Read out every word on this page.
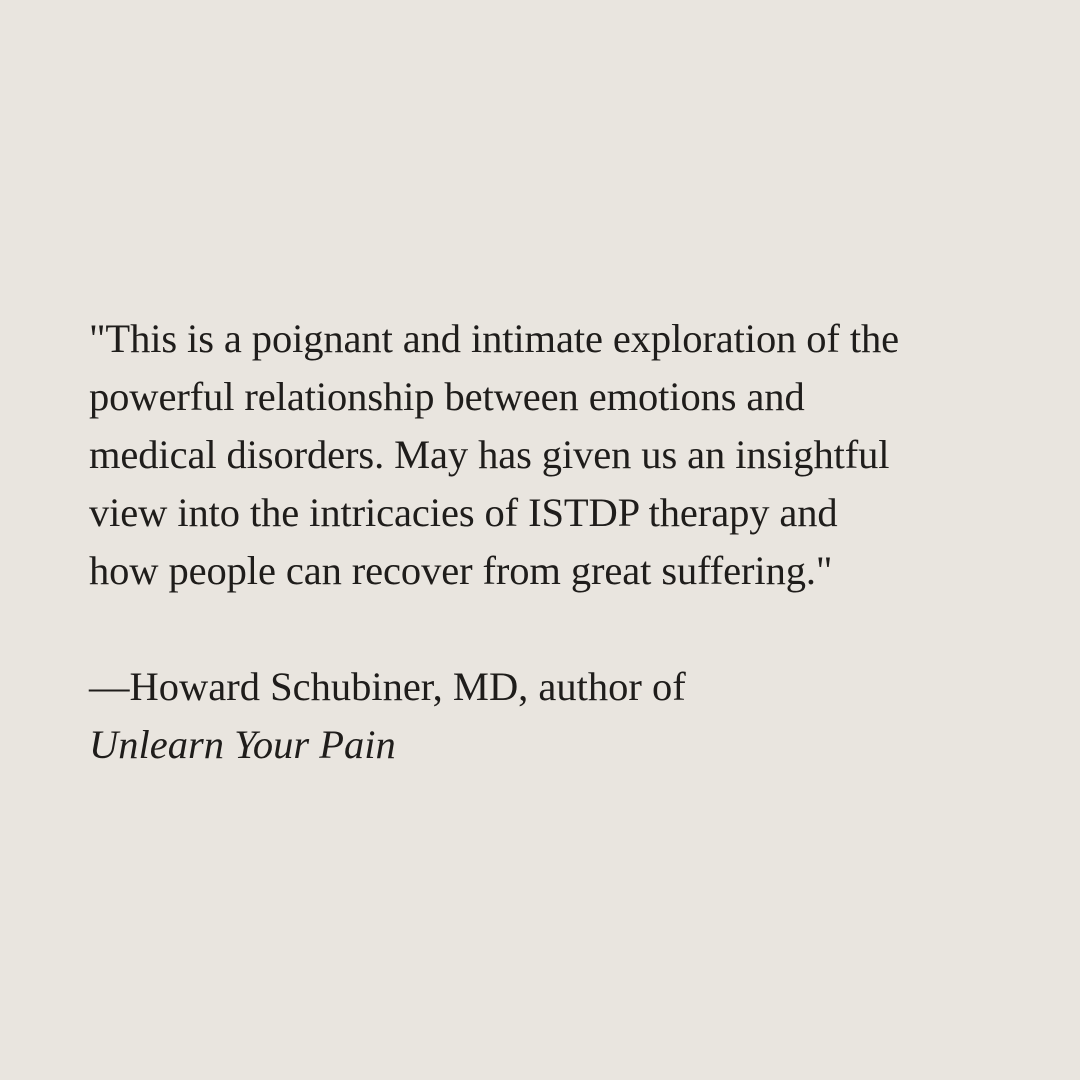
"This is a poignant and intimate exploration of the
powerful relationship between emotions and
medical disorders. May has given us an insightful
view into the intricacies of ISTDP therapy and
how people can recover from great suffering."

—Howard Schubiner, MD, author of
Unlearn Your Pain
